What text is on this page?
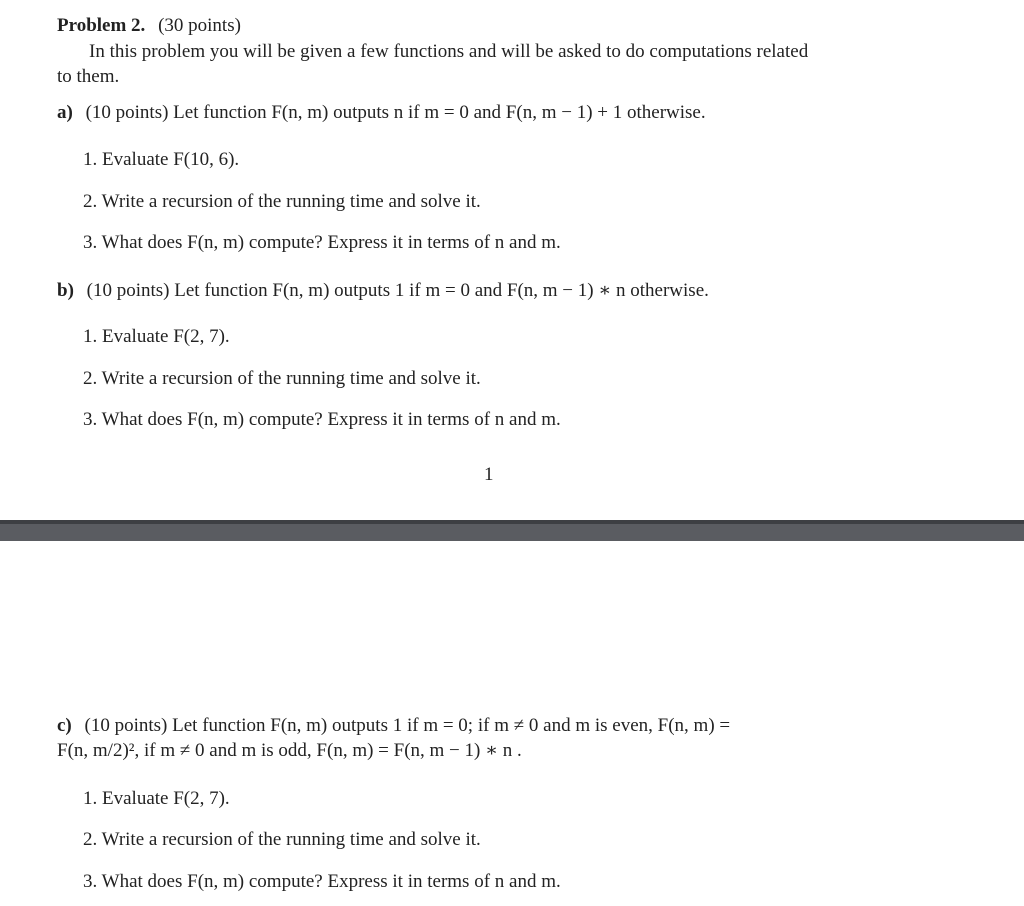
Problem 2. (30 points)
In this problem you will be given a few functions and will be asked to do computations related
to them.
a) (10 points) Let function F(n, m) outputs n if m = 0 and F(n, m − 1) + 1 otherwise.
1. Evaluate F(10, 6).
2. Write a recursion of the running time and solve it.
3. What does F(n, m) compute? Express it in terms of n and m.
b) (10 points) Let function F(n, m) outputs 1 if m = 0 and F(n, m − 1) ∗ n otherwise.
1. Evaluate F(2, 7).
2. Write a recursion of the running time and solve it.
3. What does F(n, m) compute? Express it in terms of n and m.
1
c) (10 points) Let function F(n, m) outputs 1 if m = 0; if m ≠ 0 and m is even, F(n, m) =
F(n, m/2)², if m ≠ 0 and m is odd, F(n, m) = F(n, m − 1) ∗ n .
1. Evaluate F(2, 7).
2. Write a recursion of the running time and solve it.
3. What does F(n, m) compute? Express it in terms of n and m.
